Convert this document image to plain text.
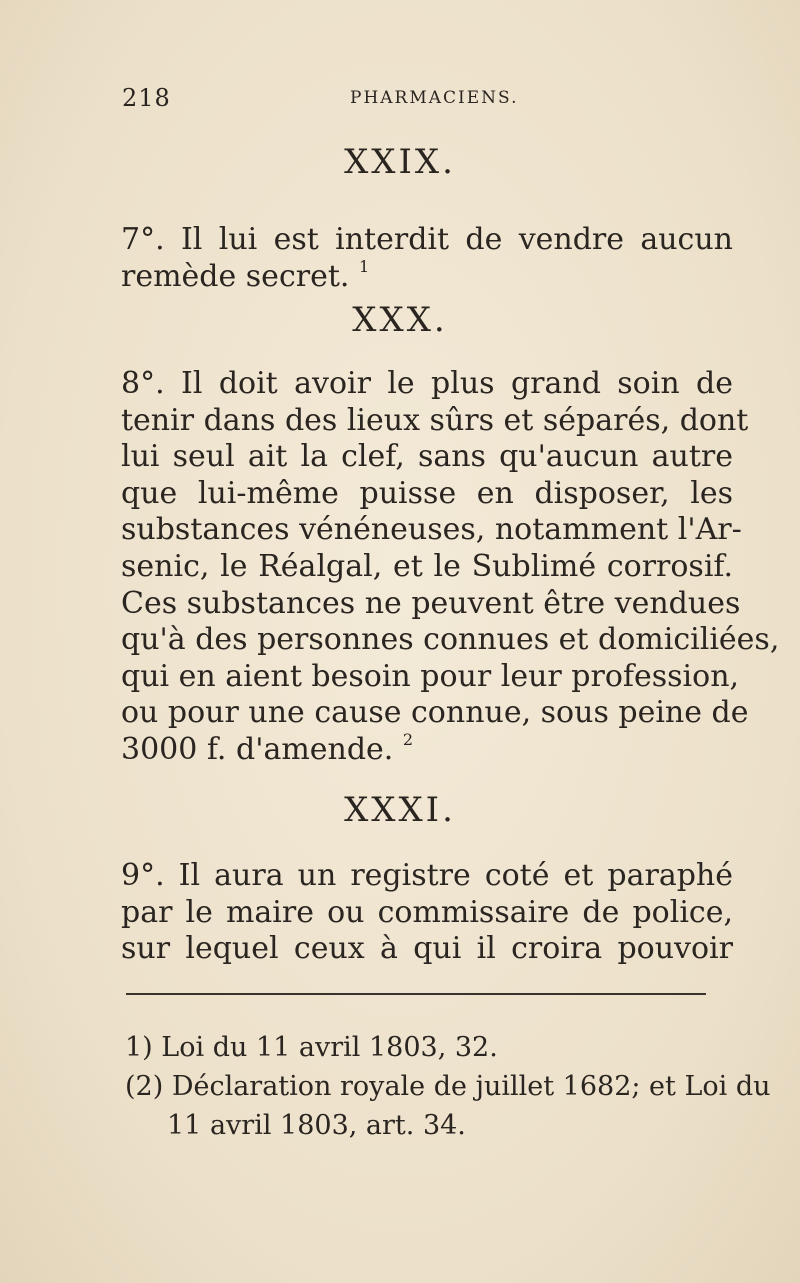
218	PHARMACIENS.
XXIX.
7°. Il lui est interdit de vendre aucun
remède secret. $^1$
XXX.
8°. Il doit avoir le plus grand soin de
tenir dans des lieux sûrs et séparés, dont
lui seul ait la clef, sans qu'aucun autre
que lui-même puisse en disposer, les
substances vénéneuses, notamment l'Ar-
senic, le Réalgal, et le Sublimé corrosif.
Ces substances ne peuvent être vendues
qu'à des personnes connues et domiciliées,
qui en aient besoin pour leur profession,
ou pour une cause connue, sous peine de
3000 f. d'amende. $^2$
XXXI.
9°. Il aura un registre coté et paraphé
par le maire ou commissaire de police,
sur lequel ceux à qui il croira pouvoir
1) Loi du 11 avril 1803, 32.
(2) Déclaration royale de juillet 1682; et Loi du
11 avril 1803, art. 34.
